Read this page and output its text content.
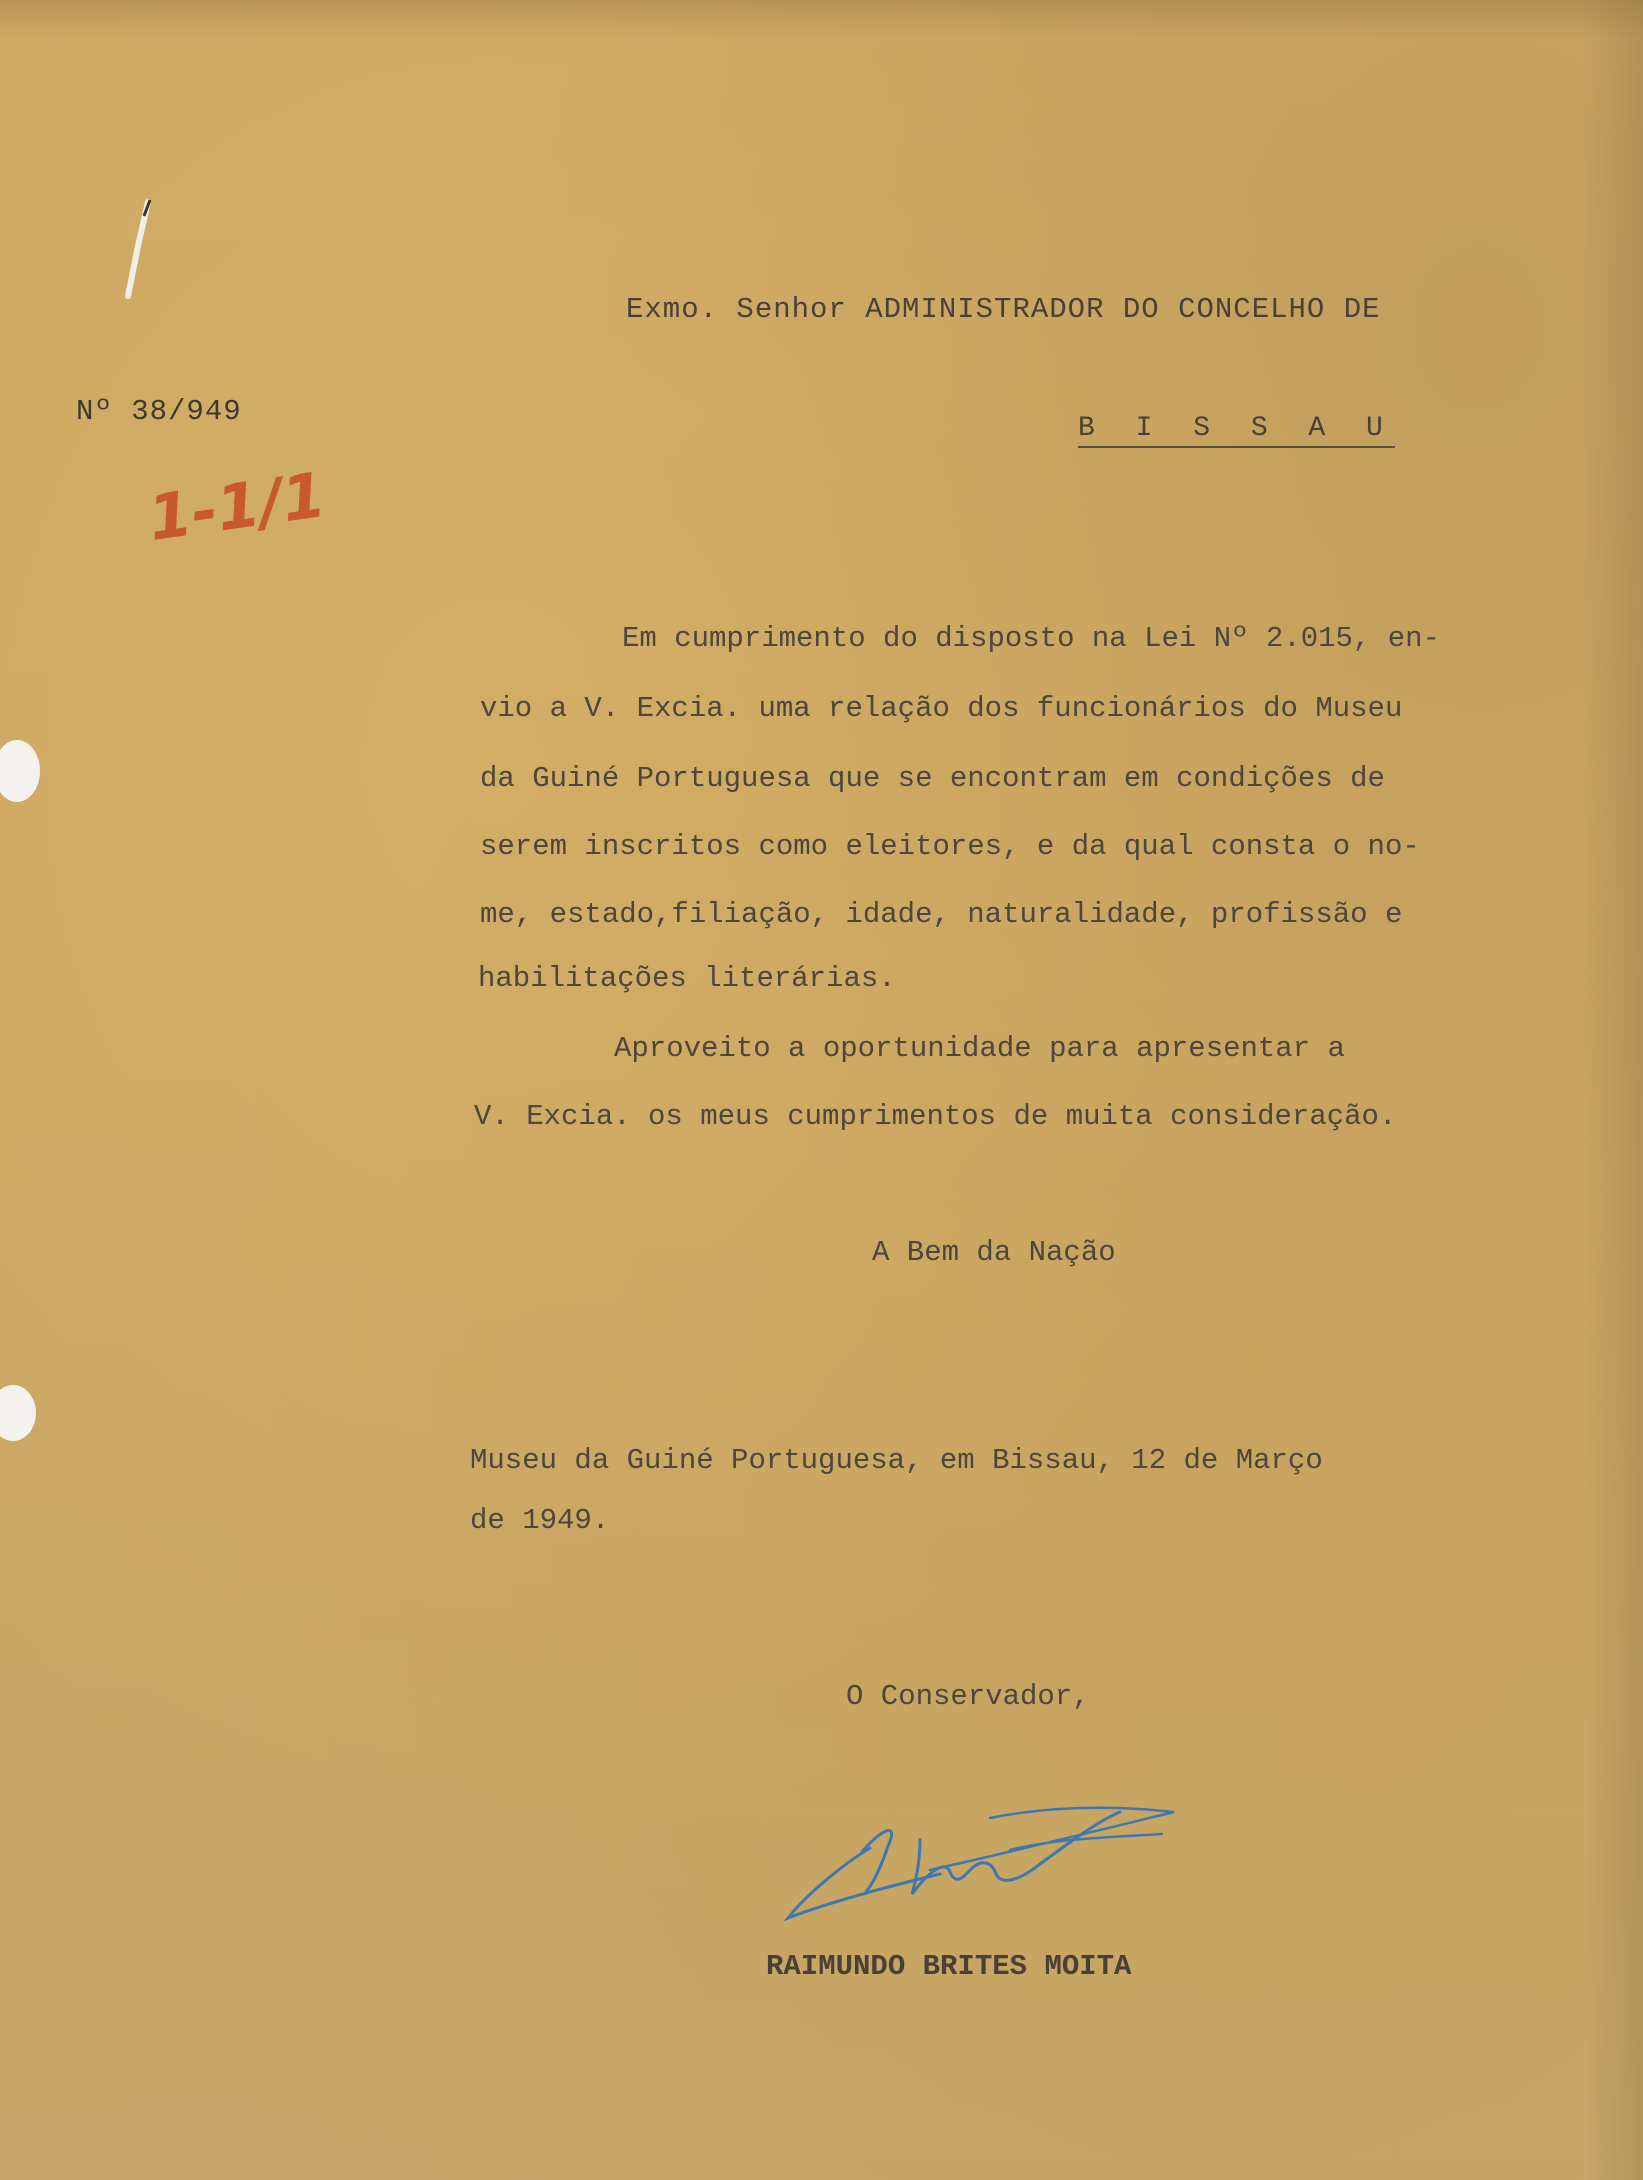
Exmo. Senhor ADMINISTRADOR DO CONCELHO DE
B I S S A U
Nº 38/949
1-1/1
Em cumprimento do disposto na Lei Nº 2.015, en-
vio a V. Excia. uma relação dos funcionários do Museu
da Guiné Portuguesa que se encontram em condições de
serem inscritos como eleitores, e da qual consta o no-
me, estado,filiação, idade, naturalidade, profissão e
habilitações literárias.
Aproveito a oportunidade para apresentar a
V. Excia. os meus cumprimentos de muita consideração.
A Bem da Nação
Museu da Guiné Portuguesa, em Bissau, 12 de Março
de 1949.
O Conservador,
RAIMUNDO BRITES MOITA
